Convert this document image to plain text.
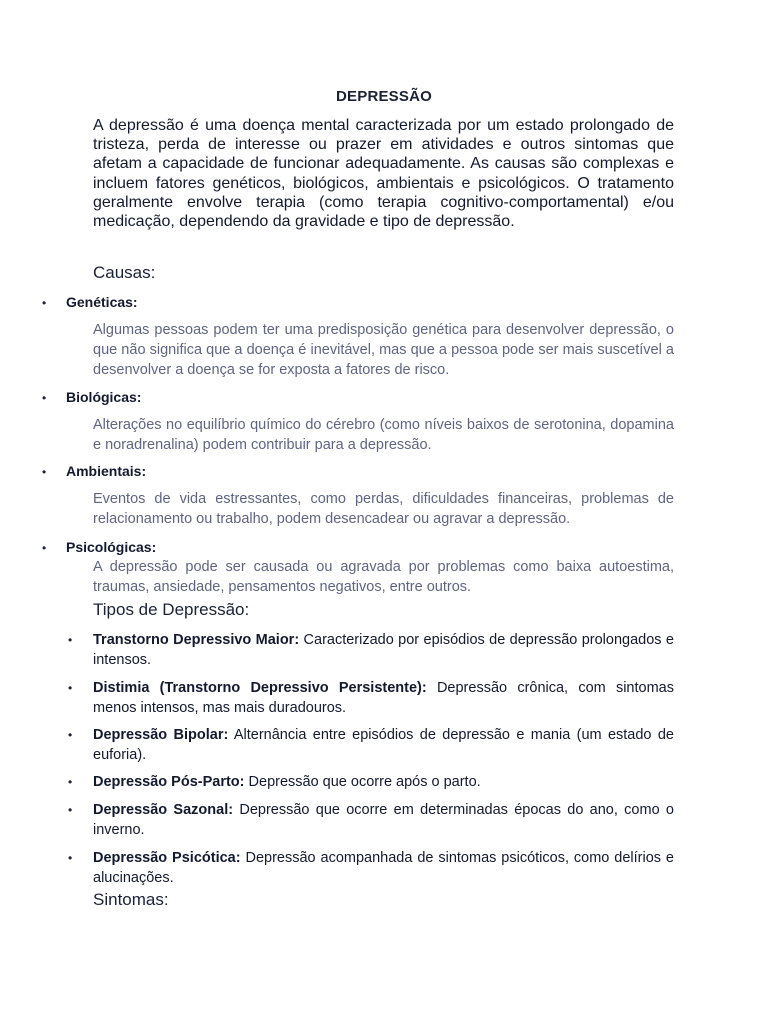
DEPRESSÃO
A depressão é uma doença mental caracterizada por um estado prolongado de tristeza, perda de interesse ou prazer em atividades e outros sintomas que afetam a capacidade de funcionar adequadamente. As causas são complexas e incluem fatores genéticos, biológicos, ambientais e psicológicos. O tratamento geralmente envolve terapia (como terapia cognitivo-comportamental) e/ou medicação, dependendo da gravidade e tipo de depressão.
Causas:
• Genéticas:
Algumas pessoas podem ter uma predisposição genética para desenvolver depressão, o que não significa que a doença é inevitável, mas que a pessoa pode ser mais suscetível a desenvolver a doença se for exposta a fatores de risco.
• Biológicas:
Alterações no equilíbrio químico do cérebro (como níveis baixos de serotonina, dopamina e noradrenalina) podem contribuir para a depressão.
• Ambientais:
Eventos de vida estressantes, como perdas, dificuldades financeiras, problemas de relacionamento ou trabalho, podem desencadear ou agravar a depressão.
• Psicológicas:
A depressão pode ser causada ou agravada por problemas como baixa autoestima, traumas, ansiedade, pensamentos negativos, entre outros.
Tipos de Depressão:
• Transtorno Depressivo Maior: Caracterizado por episódios de depressão prolongados e intensos.
• Distimia (Transtorno Depressivo Persistente): Depressão crônica, com sintomas menos intensos, mas mais duradouros.
• Depressão Bipolar: Alternância entre episódios de depressão e mania (um estado de euforia).
• Depressão Pós-Parto: Depressão que ocorre após o parto.
• Depressão Sazonal: Depressão que ocorre em determinadas épocas do ano, como o inverno.
• Depressão Psicótica: Depressão acompanhada de sintomas psicóticos, como delírios e alucinações.
Sintomas:
